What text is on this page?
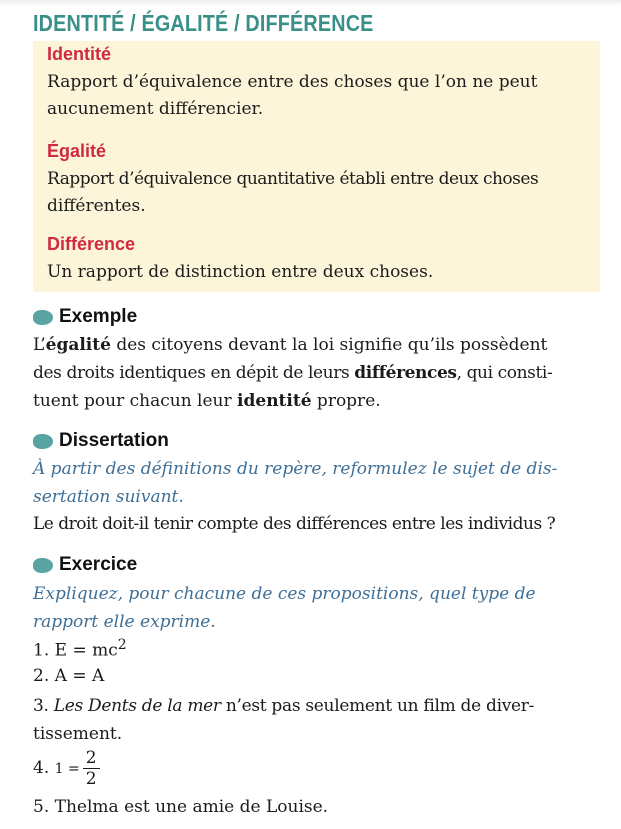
IDENTITÉ / ÉGALITÉ / DIFFÉRENCE
Identité
Rapport d’équivalence entre des choses que l’on ne peut
aucunement différencier.
Égalité
Rapport d’équivalence quantitative établi entre deux choses
différentes.
Différence
Un rapport de distinction entre deux choses.
Exemple
L’égalité des citoyens devant la loi signifie qu’ils possèdent
des droits identiques en dépit de leurs différences, qui consti-
tuent pour chacun leur identité propre.
Dissertation
À partir des définitions du repère, reformulez le sujet de dis-
sertation suivant.
Le droit doit-il tenir compte des différences entre les individus ?
Exercice
Expliquez, pour chacune de ces propositions, quel type de
rapport elle exprime.
1. $E = mc^2$
2. A = A
3. Les Dents de la mer n’est pas seulement un film de diver-
tissement.
4. $1 = \frac{2}{2}$
5. Thelma est une amie de Louise.
